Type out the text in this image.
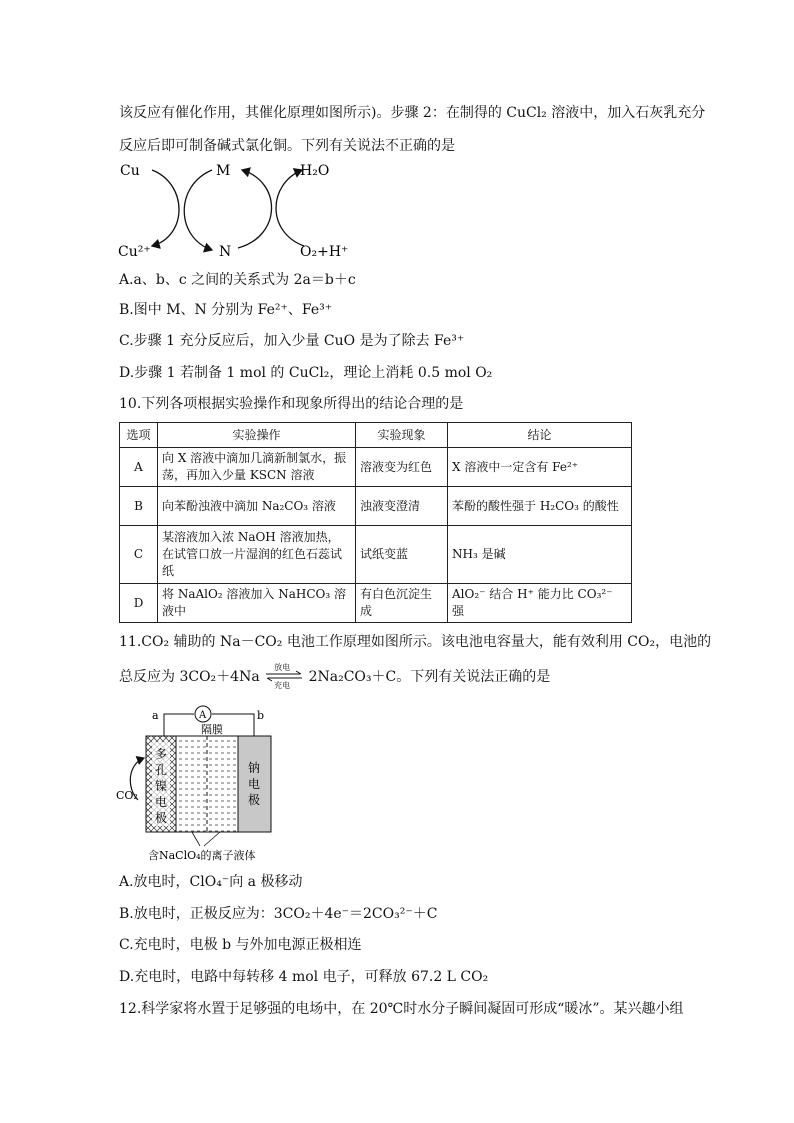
该反应有催化作用，其催化原理如图所示)。步骤 2：在制得的 CuCl₂ 溶液中，加入石灰乳充分
反应后即可制备碱式氯化铜。下列有关说法不正确的是
Cu
Cu²⁺
M
N
H₂O
O₂+H⁺
A.a、b、c 之间的关系式为 2a＝b＋c
B.图中 M、N 分别为 Fe²⁺、Fe³⁺
C.步骤 1 充分反应后，加入少量 CuO 是为了除去 Fe³⁺
D.步骤 1 若制备 1 mol 的 CuCl₂，理论上消耗 0.5 mol O₂
10.下列各项根据实验操作和现象所得出的结论合理的是
选项	实验操作	实验现象	结论
A	向 X 溶液中滴加几滴新制氯水，振荡，再加入少量 KSCN 溶液	溶液变为红色	X 溶液中一定含有 Fe²⁺
B	向苯酚浊液中滴加 Na₂CO₃ 溶液	浊液变澄清	苯酚的酸性强于 H₂CO₃ 的酸性
C	某溶液加入浓 NaOH 溶液加热，在试管口放一片湿润的红色石蕊试纸	试纸变蓝	NH₃ 是碱
D	将 NaAlO₂ 溶液加入 NaHCO₃ 溶液中	有白色沉淀生成	AlO₂⁻ 结合 H⁺ 能力比 CO₃²⁻ 强
11.CO₂ 辅助的 Na－CO₂ 电池工作原理如图所示。该电池电容量大，能有效利用 CO₂，电池的
总反应为 3CO₂＋4Na
放电
充电
2Na₂CO₃＋C。下列有关说法正确的是
a	b
A
隔膜
多
孔
镍
电
极
钠
电
极
CO₂
含NaClO₄的离子液体
A.放电时，ClO₄⁻向 a 极移动
B.放电时，正极反应为：3CO₂＋4e⁻＝2CO₃²⁻＋C
C.充电时，电极 b 与外加电源正极相连
D.充电时，电路中每转移 4 mol 电子，可释放 67.2 L CO₂
12.科学家将水置于足够强的电场中，在 20℃时水分子瞬间凝固可形成“暖冰”。某兴趣小组
